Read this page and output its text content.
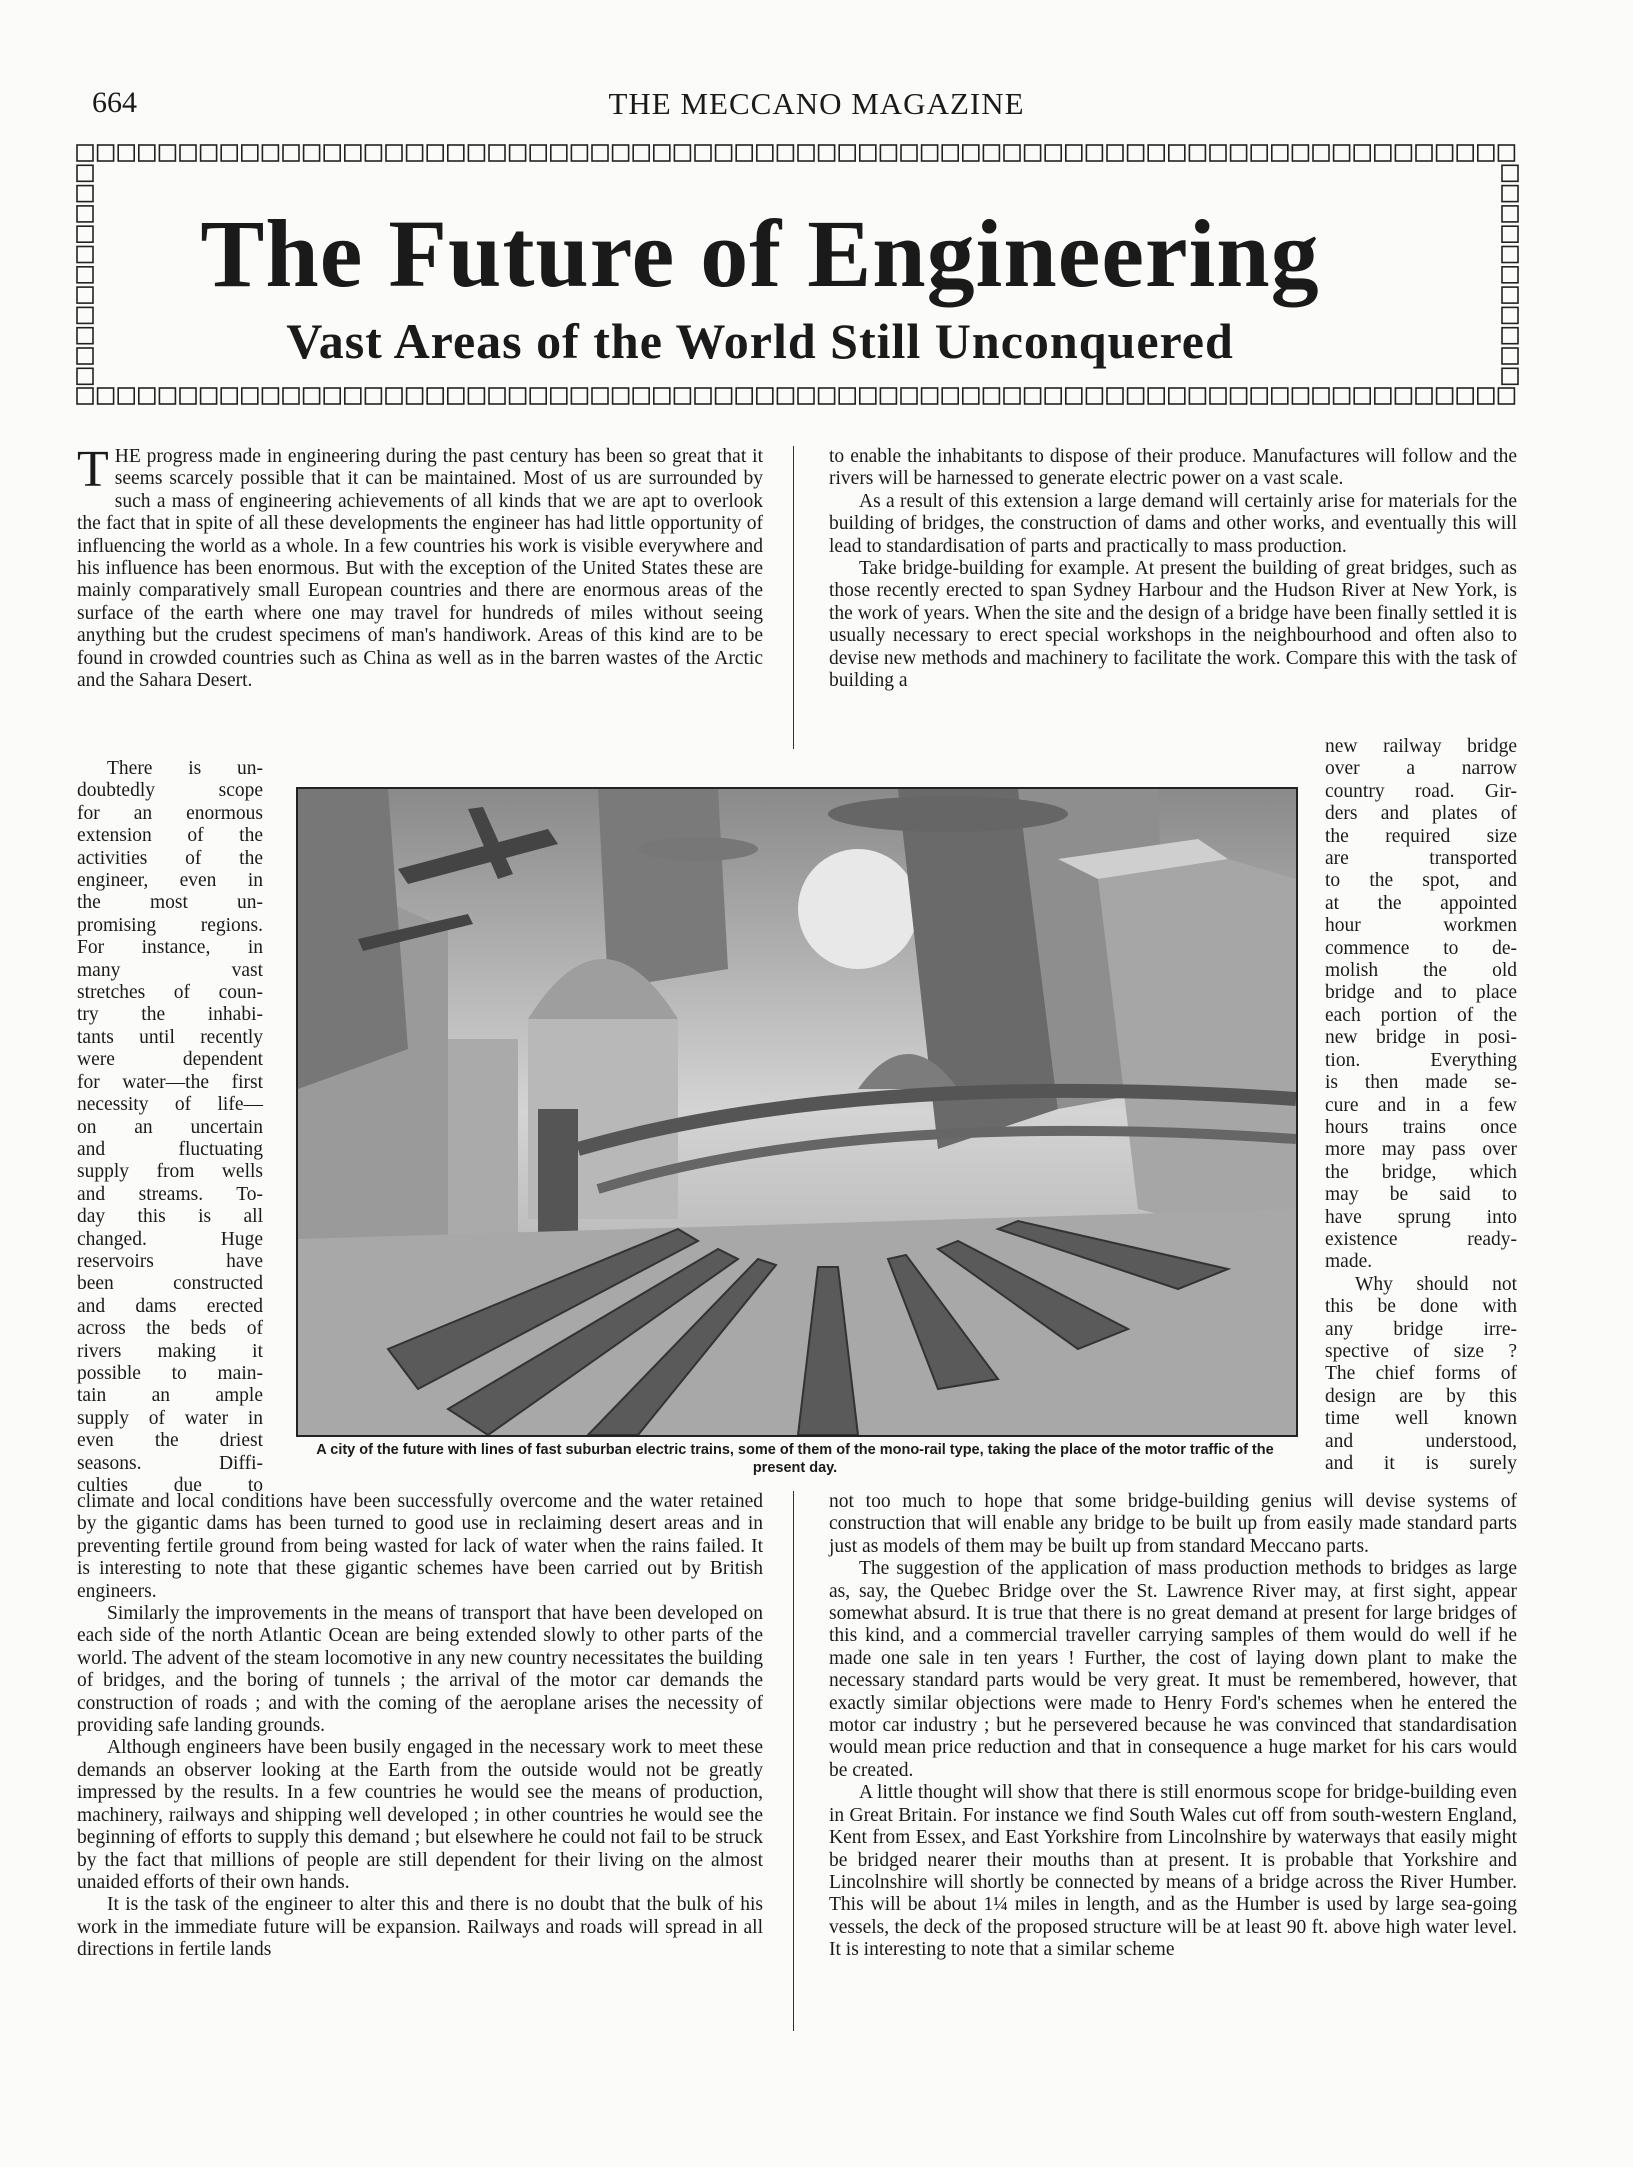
664	THE MECCANO MAGAZINE
The Future of Engineering
Vast Areas of the World Still Unconquered

THE progress made in engineering during the past century has been so great that it seems scarcely possible that it can be maintained. Most of us are surrounded by such a mass of engineering achievements of all kinds that we are apt to overlook the fact that in spite of all these developments the engineer has had little opportunity of influencing the world as a whole. In a few countries his work is visible everywhere and his influence has been enormous. But with the exception of the United States these are mainly comparatively small European countries and there are enormous areas of the surface of the earth where one may travel for hundreds of miles without seeing anything but the crudest specimens of man's handiwork. Areas of this kind are to be found in crowded countries such as China as well as in the barren wastes of the Arctic and the Sahara Desert.

There is un-
doubtedly scope
for an enormous
extension of the
activities of the
engineer, even in
the most un-
promising regions.
For instance, in
many vast
stretches of coun-
try the inhabi-
tants until recently
were dependent
for water—the first
necessity of life—
on an uncertain
and fluctuating
supply from wells
and streams. To-
day this is all
changed. Huge
reservoirs have
been constructed
and dams erected
across the beds of
rivers making it
possible to main-
tain an ample
supply of water in
even the driest
seasons. Diffi-
culties due to

climate and local conditions have been successfully overcome and the water retained by the gigantic dams has been turned to good use in reclaiming desert areas and in preventing fertile ground from being wasted for lack of water when the rains failed. It is interesting to note that these gigantic schemes have been carried out by British engineers.

Similarly the improvements in the means of transport that have been developed on each side of the north Atlantic Ocean are being extended slowly to other parts of the world. The advent of the steam locomotive in any new country necessitates the building of bridges, and the boring of tunnels ; the arrival of the motor car demands the construction of roads ; and with the coming of the aeroplane arises the necessity of providing safe landing grounds.

Although engineers have been busily engaged in the necessary work to meet these demands an observer looking at the Earth from the outside would not be greatly impressed by the results. In a few countries he would see the means of production, machinery, railways and shipping well developed ; in other countries he would see the beginning of efforts to supply this demand ; but elsewhere he could not fail to be struck by the fact that millions of people are still dependent for their living on the almost unaided efforts of their own hands.

It is the task of the engineer to alter this and there is no doubt that the bulk of his work in the immediate future will be expansion. Railways and roads will spread in all directions in fertile lands

to enable the inhabitants to dispose of their produce. Manufactures will follow and the rivers will be harnessed to generate electric power on a vast scale.

As a result of this extension a large demand will certainly arise for materials for the building of bridges, the construction of dams and other works, and eventually this will lead to standardisation of parts and practically to mass production.

Take bridge-building for example. At present the building of great bridges, such as those recently erected to span Sydney Harbour and the Hudson River at New York, is the work of years. When the site and the design of a bridge have been finally settled it is usually necessary to erect special workshops in the neighbourhood and often also to devise new methods and machinery to facilitate the work. Compare this with the task of building a

new railway bridge
over a narrow
country road. Gir-
ders and plates of
the required size
are transported
to the spot, and
at the appointed
hour workmen
commence to de-
molish the old
bridge and to place
each portion of the
new bridge in posi-
tion. Everything
is then made se-
cure and in a few
hours trains once
more may pass over
the bridge, which
may be said to
have sprung into
existence ready-
made.
Why should not
this be done with
any bridge irre-
spective of size ?
The chief forms of
design are by this
time well known
and understood,
and it is surely

not too much to hope that some bridge-building genius will devise systems of construction that will enable any bridge to be built up from easily made standard parts just as models of them may be built up from standard Meccano parts.

The suggestion of the application of mass production methods to bridges as large as, say, the Quebec Bridge over the St. Lawrence River may, at first sight, appear somewhat absurd. It is true that there is no great demand at present for large bridges of this kind, and a commercial traveller carrying samples of them would do well if he made one sale in ten years ! Further, the cost of laying down plant to make the necessary standard parts would be very great. It must be remembered, however, that exactly similar objections were made to Henry Ford's schemes when he entered the motor car industry ; but he persevered because he was convinced that standardisation would mean price reduction and that in consequence a huge market for his cars would be created.

A little thought will show that there is still enormous scope for bridge-building even in Great Britain. For instance we find South Wales cut off from south-western England, Kent from Essex, and East Yorkshire from Lincolnshire by waterways that easily might be bridged nearer their mouths than at present. It is probable that Yorkshire and Lincolnshire will shortly be connected by means of a bridge across the River Humber. This will be about 1¼ miles in length, and as the Humber is used by large sea-going vessels, the deck of the proposed structure will be at least 90 ft. above high water level. It is interesting to note that a similar scheme

A city of the future with lines of fast suburban electric trains, some of them of the mono-rail type, taking the place of the motor traffic of the present day.
